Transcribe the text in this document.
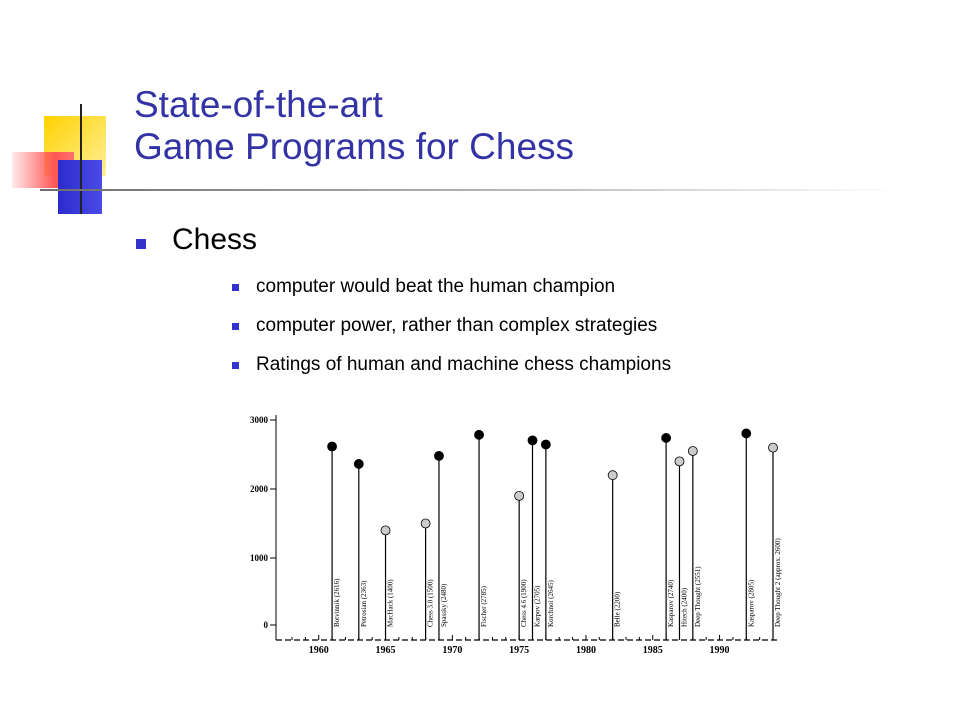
State-of-the-art
Game Programs for Chess
Chess
computer would beat the human champion
computer power, rather than complex strategies
Ratings of human and machine chess champions
1960	1965	1970	1975	1980	1985	1990
0
1000
2000
3000
Botvinnik (2616)	Petrosian (2363)	MacHack (1400)	Chess 3.0 (1500) Spassky (2480)	Fischer (2785)	Chess 4.6 (1900) Karpov (2705) Korchnoi (2645)	Belle (2200)	Kasparov (2740) Hitech (2400) Deep Thought (2551)	Kasparov (2805)	Deep Thought 2 (approx. 2600)
